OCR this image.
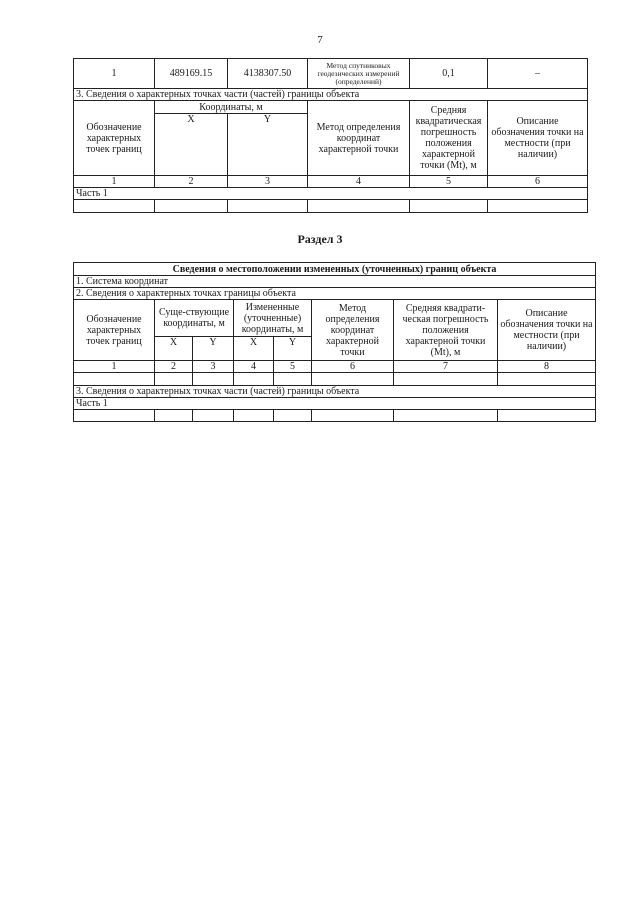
7
1	489169.15	4138307.50	Метод спутниковых геодезических измерений (определений)	0,1	–
3. Сведения о характерных точках части (частей) границы объекта					
Обозначение характерных точек границ	Координаты, м		Метод определения координат характерной точки	Средняя квадратическая погрешность положения характерной точки (Mt), м	Описание обозначения точки на местности (при наличии)
	X	Y			
1	2	3	4	5	6
Часть 1					

Раздел 3
Сведения о местоположении измененных (уточненных) границ объекта							
1. Система координат							
2. Сведения о характерных точках границы объекта							
Обозначение характерных точек границ	Суще-ствующие координаты, м		Измененные (уточненные) координаты, м		Метод определения координат характерной точки	Средняя квадрати-ческая погрешность положения характерной точки (Mt), м	Описание обозначения точки на местности (при наличии)
	X	Y	X	Y			
1	2	3	4	5	6	7	8

3. Сведения о характерных точках части (частей) границы объекта							
Часть 1							
